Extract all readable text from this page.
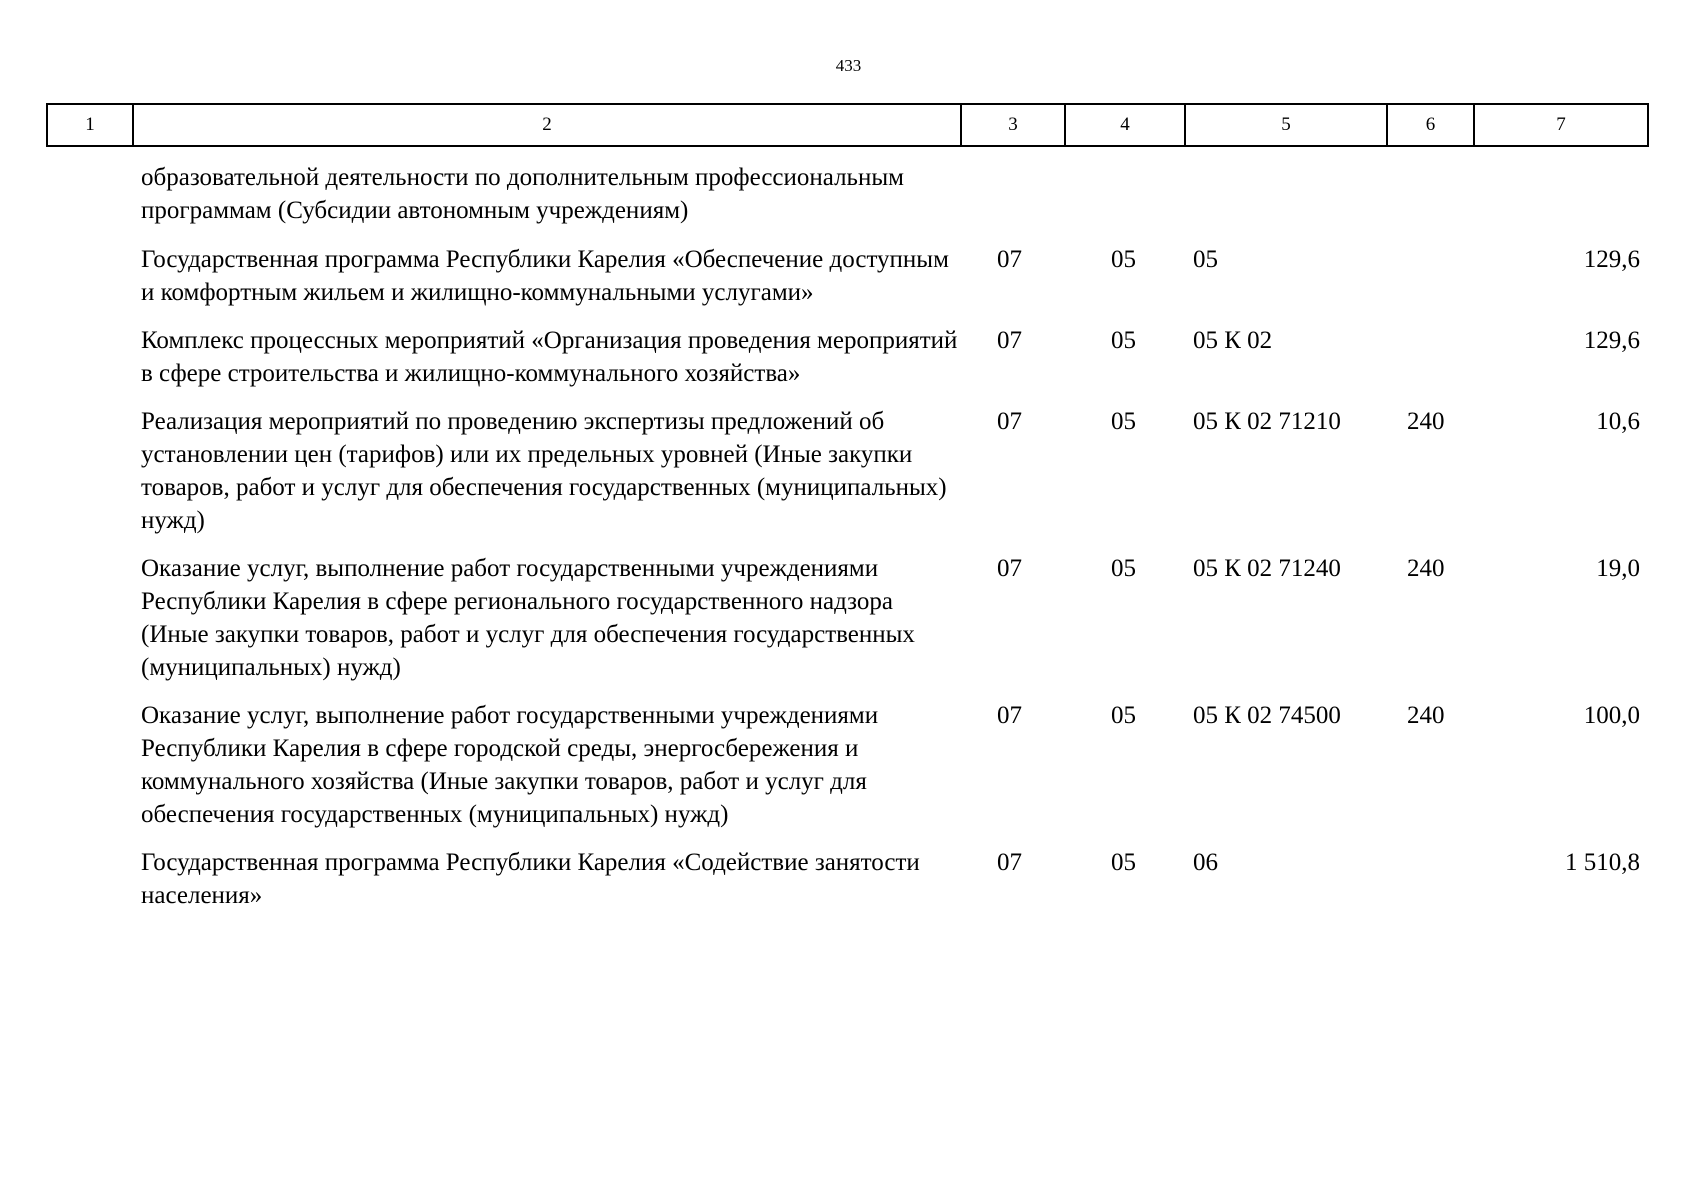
433
1	2	3	4	5	6	7
	образовательной деятельности по дополнительным профессиональным программам (Субсидии автономным учреждениям)					
	Государственная программа Республики Карелия «Обеспечение доступным и комфортным жильем и жилищно-коммунальными услугами»	07	05	05		129,6
	Комплекс процессных мероприятий «Организация проведения мероприятий в сфере строительства и жилищно-коммунального хозяйства»	07	05	05 К 02		129,6
	Реализация мероприятий по проведению экспертизы предложений об установлении цен (тарифов) или их предельных уровней (Иные закупки товаров, работ и услуг для обеспечения государственных (муниципальных) нужд)	07	05	05 К 02 71210	240	10,6
	Оказание услуг, выполнение работ государственными учреждениями Республики Карелия в сфере регионального государственного надзора (Иные закупки товаров, работ и услуг для обеспечения государственных (муниципальных) нужд)	07	05	05 К 02 71240	240	19,0
	Оказание услуг, выполнение работ государственными учреждениями Республики Карелия в сфере городской среды, энергосбережения и коммунального хозяйства (Иные закупки товаров, работ и услуг для обеспечения государственных (муниципальных) нужд)	07	05	05 К 02 74500	240	100,0
	Государственная программа Республики Карелия «Содействие занятости населения»	07	05	06		1 510,8
